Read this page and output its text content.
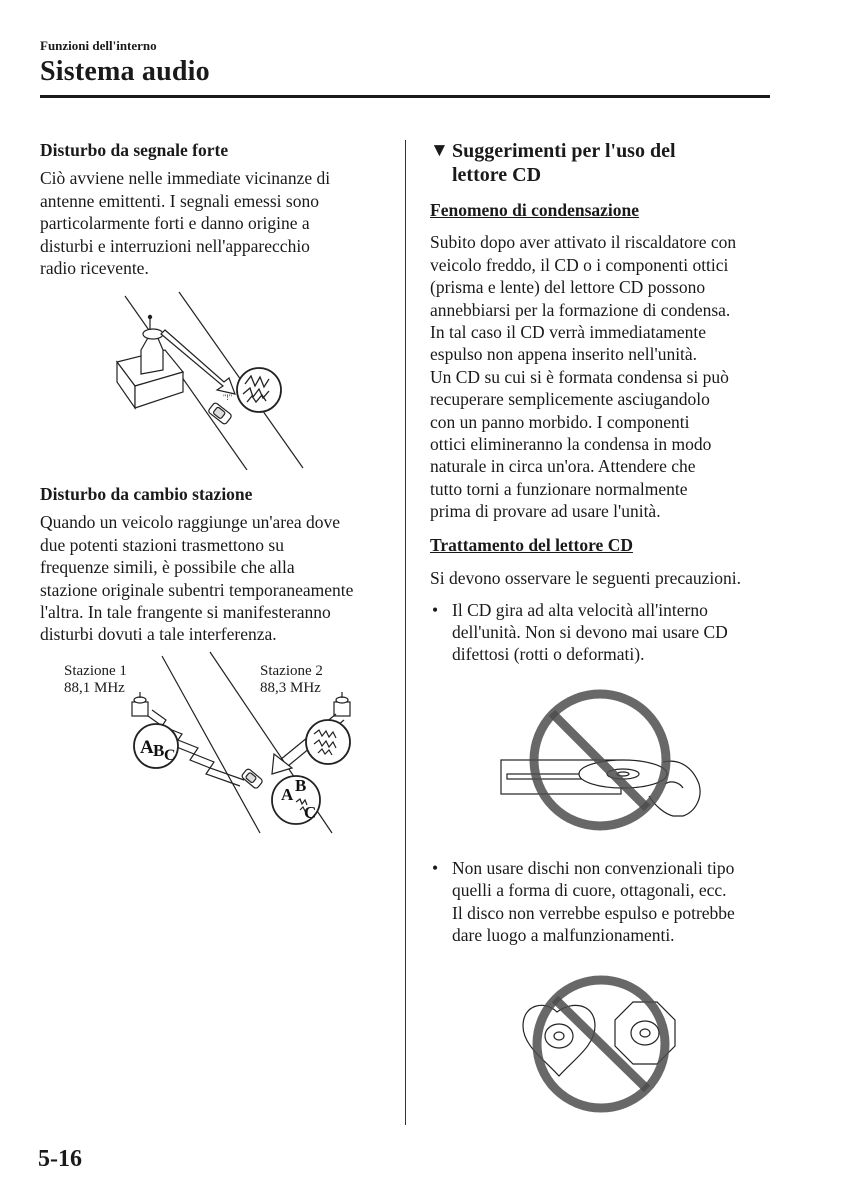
Funzioni dell'interno
Sistema audio

Disturbo da segnale forte

Ciò avviene nelle immediate vicinanze di

antenne emittenti. I segnali emessi sono

particolarmente forti e danno origine a

disturbi e interruzioni nell'apparecchio

radio ricevente.

"!"

Disturbo da cambio stazione

Quando un veicolo raggiunge un'area dove

due potenti stazioni trasmettono su

frequenze simili, è possibile che alla

stazione originale subentri temporaneamente

l'altra. In tale frangente si manifesteranno

disturbi dovuti a tale interferenza.

Stazione 1
88,1 MHz
Stazione 2
88,3 MHz
A B C
A B
C
▼ Suggerimenti per l'uso del
lettore CD

Fenomeno di condensazione

Subito dopo aver attivato il riscaldatore con

veicolo freddo, il CD o i componenti ottici

(prisma e lente) del lettore CD possono

annebbiarsi per la formazione di condensa.

In tal caso il CD verrà immediatamente

espulso non appena inserito nell'unità.

Un CD su cui si è formata condensa si può

recuperare semplicemente asciugandolo

con un panno morbido. I componenti

ottici elimineranno la condensa in modo

naturale in circa un'ora. Attendere che

tutto torni a funzionare normalmente

prima di provare ad usare l'unità.

Trattamento del lettore CD

Si devono osservare le seguenti precauzioni.

• Il CD gira ad alta velocità all'interno

dell'unità. Non si devono mai usare CD

difettosi (rotti o deformati).

• Non usare dischi non convenzionali tipo

quelli a forma di cuore, ottagonali, ecc.

Il disco non verrebbe espulso e potrebbe

dare luogo a malfunzionamenti.

5-16
